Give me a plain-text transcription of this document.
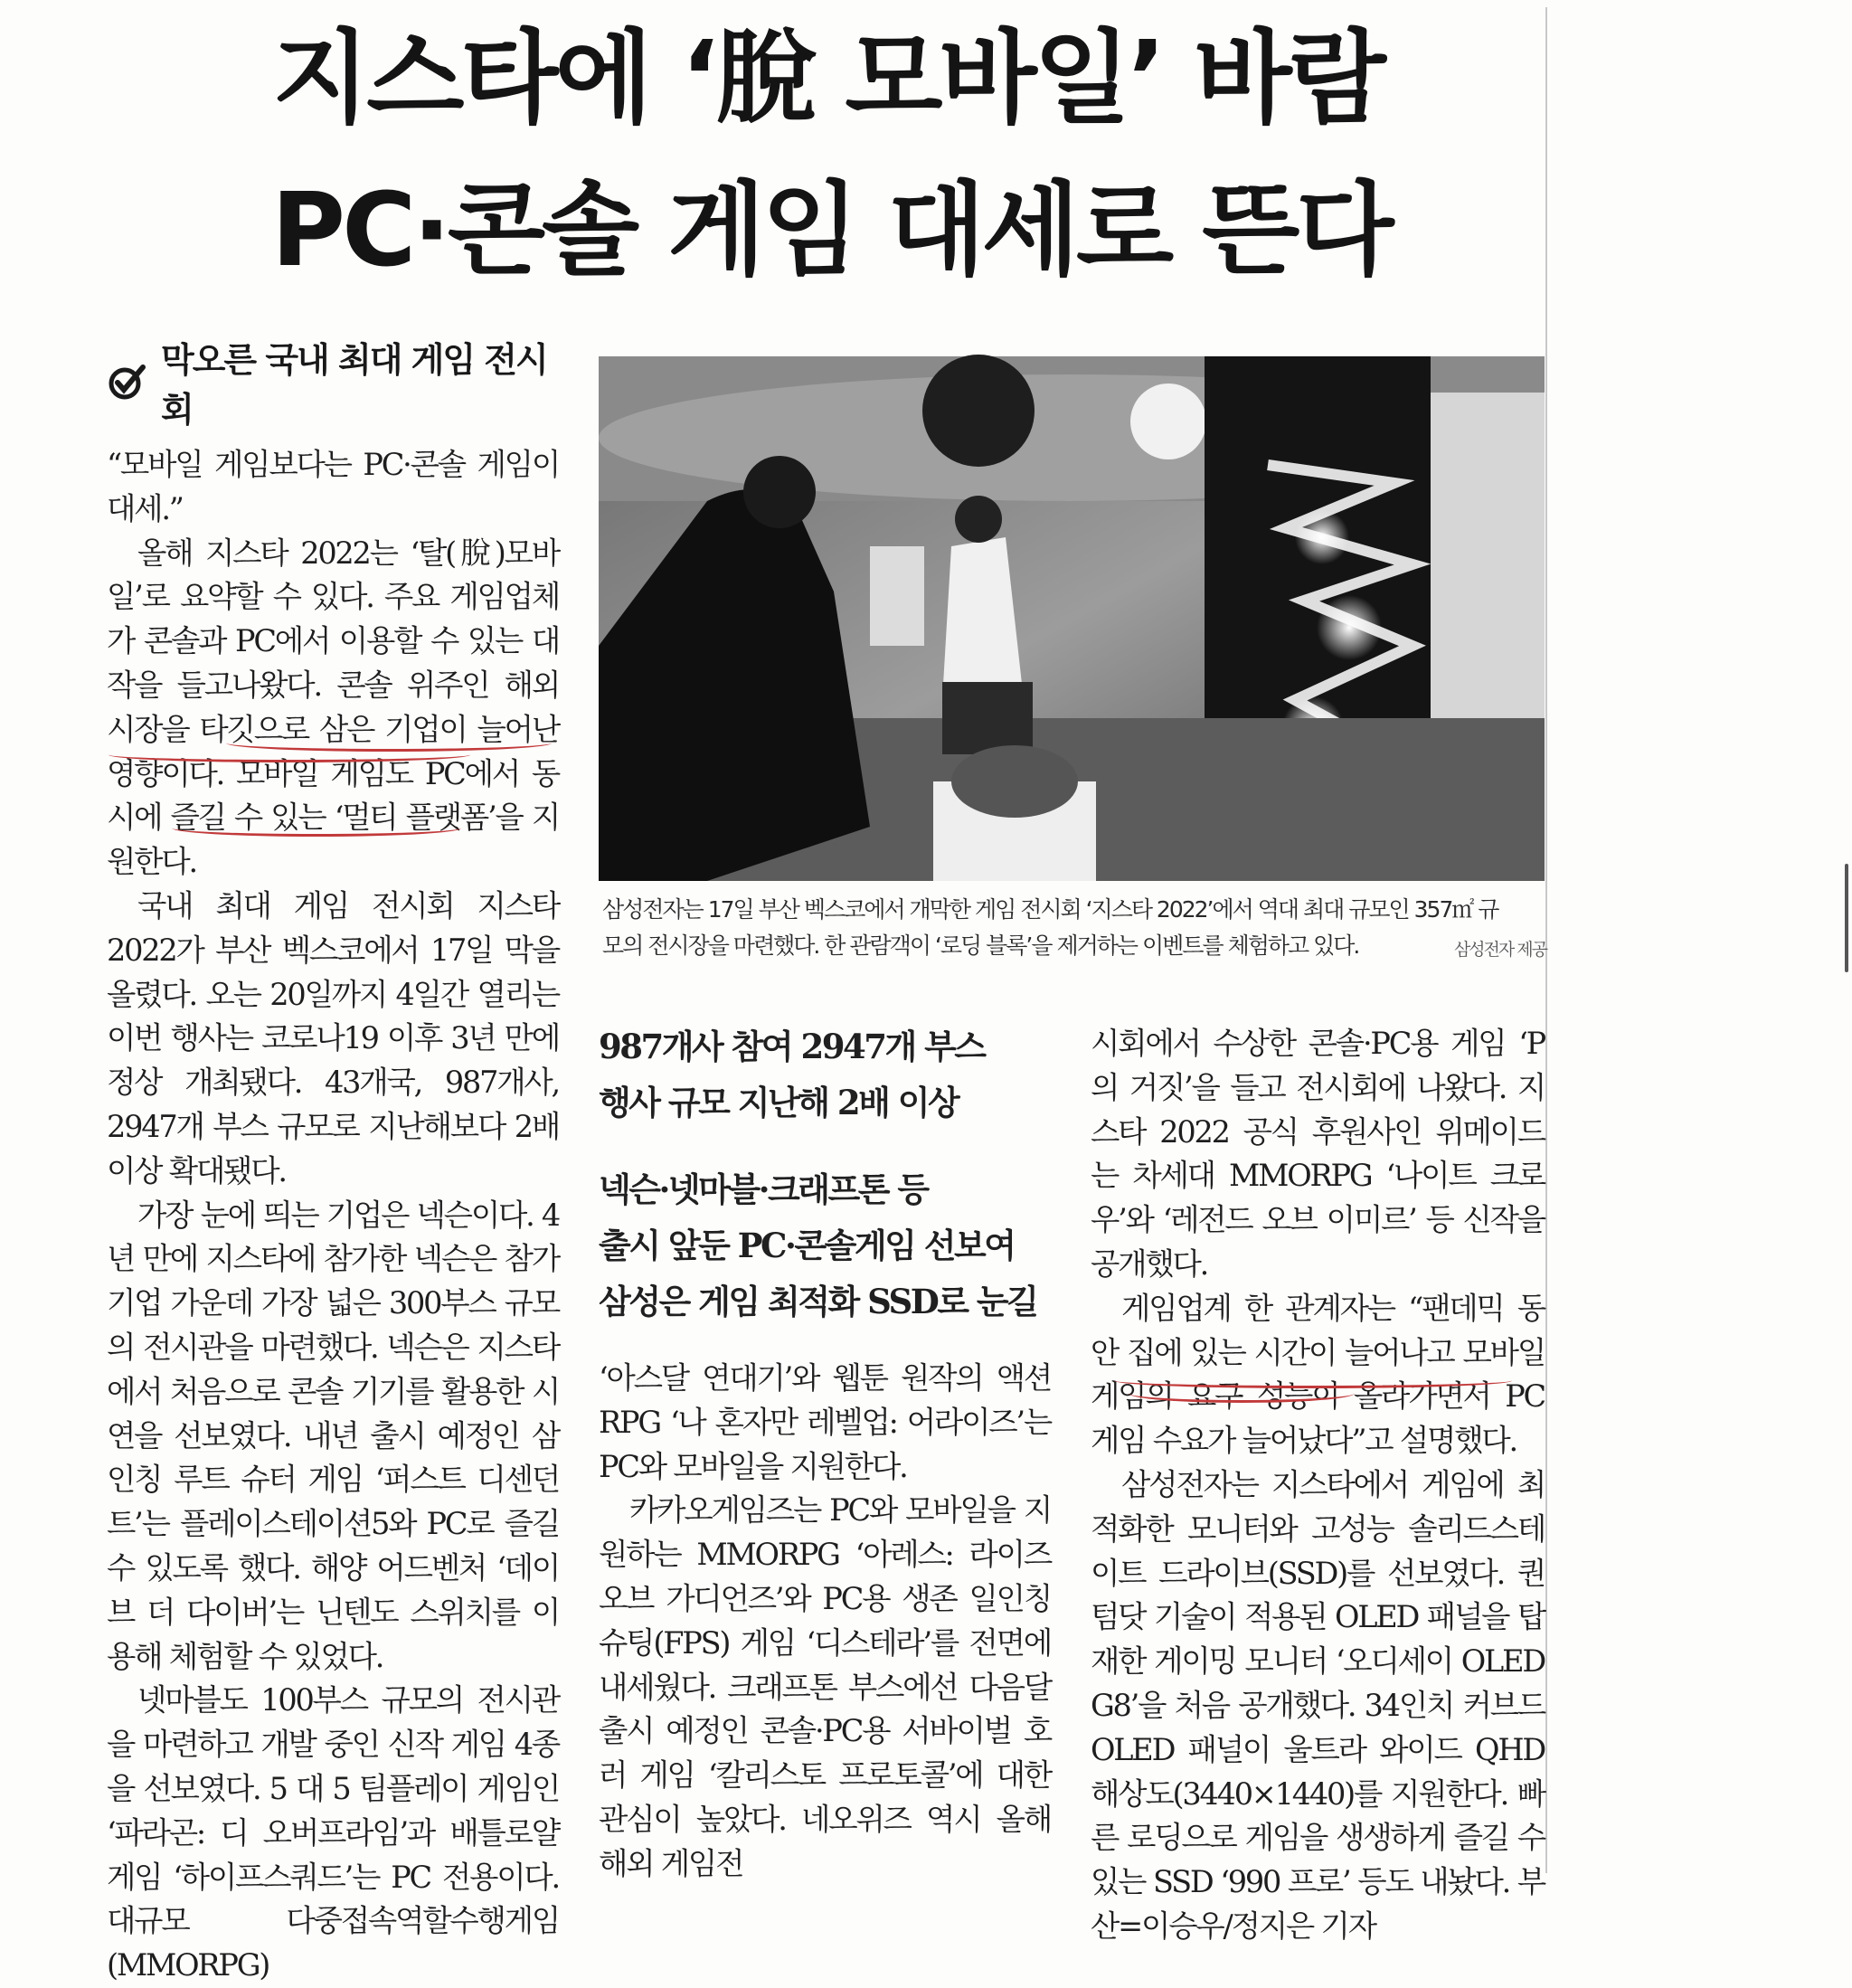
지스타에 ‘脫 모바일’ 바람
PC·콘솔 게임 대세로 뜬다
막오른 국내 최대 게임 전시회

“모바일 게임보다는 PC·콘솔 게임이 대세.”

올해 지스타 2022는 ‘탈(脫)모바일’로 요약할 수 있다. 주요 게임업체가 콘솔과 PC에서 이용할 수 있는 대작을 들고나왔다. 콘솔 위주인 해외 시장을 타깃으로 삼은 기업이 늘어난 영향이다. 모바일 게임도 PC에서 동시에 즐길 수 있는 ‘멀티 플랫폼’을 지원한다.

국내 최대 게임 전시회 지스타 2022가 부산 벡스코에서 17일 막을 올렸다. 오는 20일까지 4일간 열리는 이번 행사는 코로나19 이후 3년 만에 정상 개최됐다. 43개국, 987개사, 2947개 부스 규모로 지난해보다 2배 이상 확대됐다.

가장 눈에 띄는 기업은 넥슨이다. 4년 만에 지스타에 참가한 넥슨은 참가기업 가운데 가장 넓은 300부스 규모의 전시관을 마련했다. 넥슨은 지스타에서 처음으로 콘솔 기기를 활용한 시연을 선보였다. 내년 출시 예정인 삼인칭 루트 슈터 게임 ‘퍼스트 디센던트’는 플레이스테이션5와 PC로 즐길 수 있도록 했다. 해양 어드벤처 ‘데이브 더 다이버’는 닌텐도 스위치를 이용해 체험할 수 있었다.

넷마블도 100부스 규모의 전시관을 마련하고 개발 중인 신작 게임 4종을 선보였다. 5 대 5 팀플레이 게임인 ‘파라곤: 디 오버프라임’과 배틀로얄 게임 ‘하이프스쿼드’는 PC 전용이다. 대규모 다중접속역할수행게임(MMORPG)

삼성전자는 17일 부산 벡스코에서 개막한 게임 전시회 ‘지스타 2022’에서 역대 최대 규모인 357㎡ 규

모의 전시장을 마련했다. 한 관람객이 ‘로딩 블록’을 제거하는 이벤트를 체험하고 있다.	삼성전자 제공

987개사 참여 2947개 부스
행사 규모 지난해 2배 이상
넥슨·넷마블·크래프톤 등
출시 앞둔 PC·콘솔게임 선보여
삼성은 게임 최적화 SSD로 눈길

‘아스달 연대기’와 웹툰 원작의 액션 RPG ‘나 혼자만 레벨업: 어라이즈’는 PC와 모바일을 지원한다.

카카오게임즈는 PC와 모바일을 지원하는 MMORPG ‘아레스: 라이즈 오브 가디언즈’와 PC용 생존 일인칭 슈팅(FPS) 게임 ‘디스테라’를 전면에 내세웠다. 크래프톤 부스에선 다음달 출시 예정인 콘솔·PC용 서바이벌 호러 게임 ‘칼리스토 프로토콜’에 대한 관심이 높았다. 네오위즈 역시 올해 해외 게임전

시회에서 수상한 콘솔·PC용 게임 ‘P의 거짓’을 들고 전시회에 나왔다. 지스타 2022 공식 후원사인 위메이드는 차세대 MMORPG ‘나이트 크로우’와 ‘레전드 오브 이미르’ 등 신작을 공개했다.

게임업계 한 관계자는 “팬데믹 동안 집에 있는 시간이 늘어나고 모바일 게임의 요구 성능이 올라가면서 PC 게임 수요가 늘어났다”고 설명했다.

삼성전자는 지스타에서 게임에 최적화한 모니터와 고성능 솔리드스테이트 드라이브(SSD)를 선보였다. 퀀텀닷 기술이 적용된 OLED 패널을 탑재한 게이밍 모니터 ‘오디세이 OLED G8’을 처음 공개했다. 34인치 커브드 OLED 패널이 울트라 와이드 QHD 해상도(3440×1440)를 지원한다. 빠른 로딩으로 게임을 생생하게 즐길 수 있는 SSD ‘990 프로’ 등도 내놨다. 부산=이승우/정지은 기자
